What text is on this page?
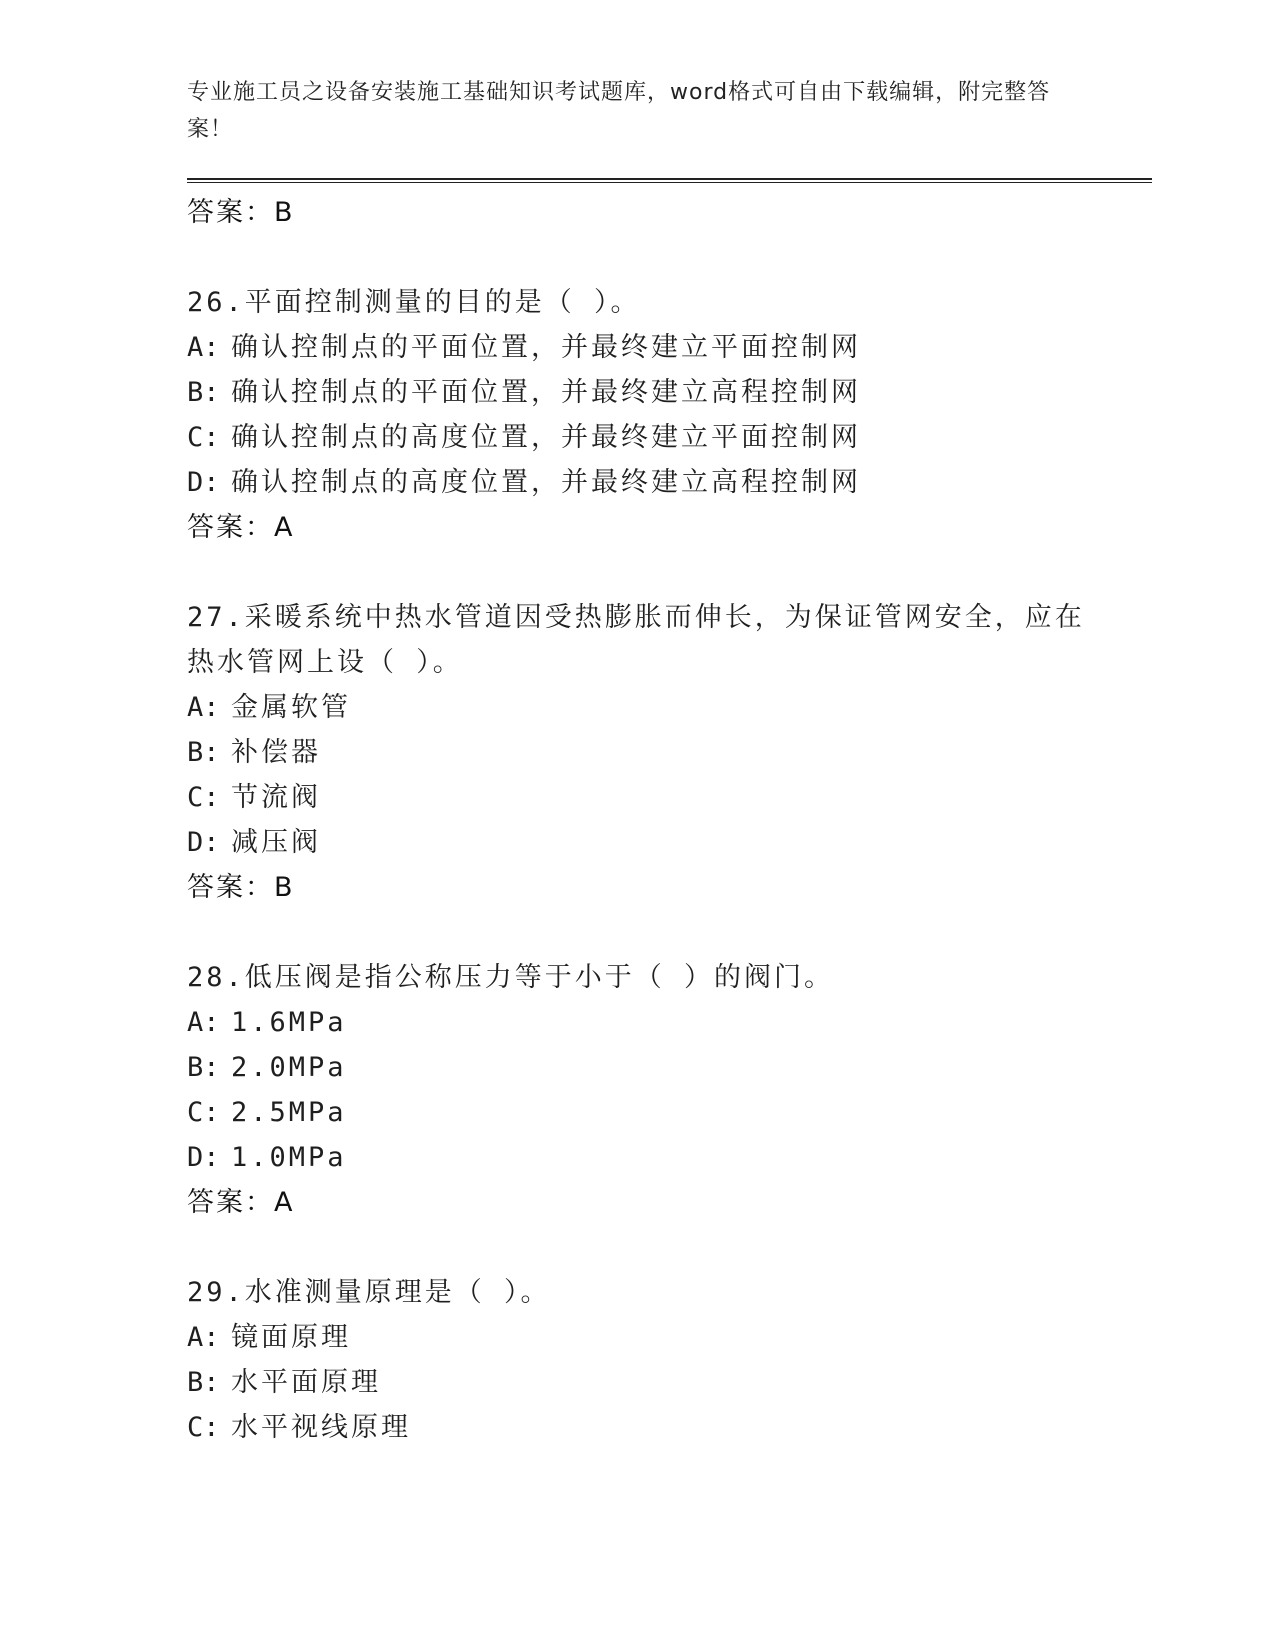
专业施工员之设备安装施工基础知识考试题库，word格式可自由下载编辑，附完整答案！
答案：B
26.平面控制测量的目的是（ ）。
A: 确认控制点的平面位置，并最终建立平面控制网
B: 确认控制点的平面位置，并最终建立高程控制网
C: 确认控制点的高度位置，并最终建立平面控制网
D: 确认控制点的高度位置，并最终建立高程控制网
答案：A
27.采暖系统中热水管道因受热膨胀而伸长，为保证管网安全，应在热水管网上设（ ）。
A: 金属软管
B: 补偿器
C: 节流阀
D: 减压阀
答案：B
28.低压阀是指公称压力等于小于（ ）的阀门。
A: 1.6MPa
B: 2.0MPa
C: 2.5MPa
D: 1.0MPa
答案：A
29.水准测量原理是（ ）。
A: 镜面原理
B: 水平面原理
C: 水平视线原理
